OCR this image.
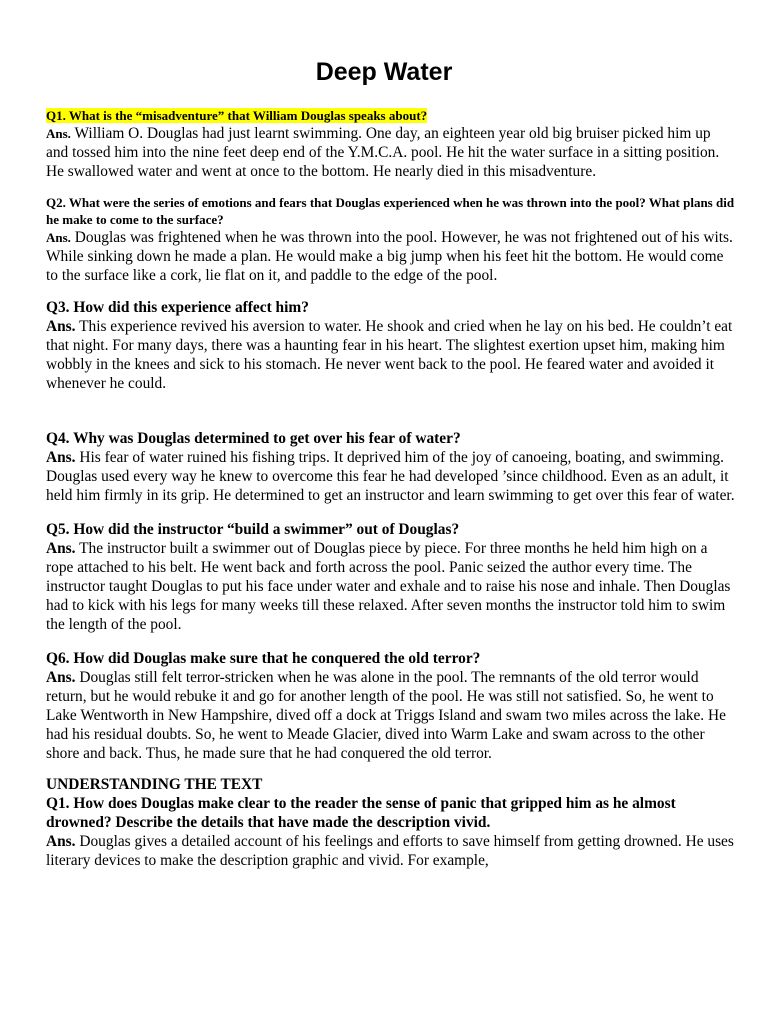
Deep Water

Q1. What is the “misadventure” that William Douglas speaks about?

Ans. William O. Douglas had just learnt swimming. One day, an eighteen year old big bruiser picked him up and tossed him into the nine feet deep end of the Y.M.C.A. pool. He hit the water surface in a sitting position. He swallowed water and went at once to the bottom. He nearly died in this misadventure.

Q2. What were the series of emotions and fears that Douglas experienced when he was thrown into the pool? What plans did he make to come to the surface?

Ans. Douglas was frightened when he was thrown into the pool. However, he was not frightened out of his wits. While sinking down he made a plan. He would make a big jump when his feet hit the bottom. He would come to the surface like a cork, lie flat on it, and paddle to the edge of the pool.

Q3. How did this experience affect him?

Ans. This experience revived his aversion to water. He shook and cried when he lay on his bed. He couldn’t eat that night. For many days, there was a haunting fear in his heart. The slightest exertion upset him, making him wobbly in the knees and sick to his stomach. He never went back to the pool. He feared water and avoided it whenever he could.

Q4. Why was Douglas determined to get over his fear of water?

Ans. His fear of water ruined his fishing trips. It deprived him of the joy of canoeing, boating, and swimming. Douglas used every way he knew to overcome this fear he had developed ’since childhood. Even as an adult, it held him firmly in its grip. He determined to get an instructor and learn swimming to get over this fear of water.

Q5. How did the instructor “build a swimmer” out of Douglas?

Ans. The instructor built a swimmer out of Douglas piece by piece. For three months he held him high on a rope attached to his belt. He went back and forth across the pool. Panic seized the author every time. The instructor taught Douglas to put his face under water and exhale and to raise his nose and inhale. Then Douglas had to kick with his legs for many weeks till these relaxed. After seven months the instructor told him to swim the length of the pool.

Q6. How did Douglas make sure that he conquered the old terror?

Ans. Douglas still felt terror-stricken when he was alone in the pool. The remnants of the old terror would return, but he would rebuke it and go for another length of the pool. He was still not satisfied. So, he went to Lake Wentworth in New Hampshire, dived off a dock at Triggs Island and swam two miles across the lake. He had his residual doubts. So, he went to Meade Glacier, dived into Warm Lake and swam across to the other shore and back. Thus, he made sure that he had conquered the old terror.

UNDERSTANDING THE TEXT

Q1. How does Douglas make clear to the reader the sense of panic that gripped him as he almost drowned? Describe the details that have made the description vivid.

Ans. Douglas gives a detailed account of his feelings and efforts to save himself from getting drowned. He uses literary devices to make the description graphic and vivid. For example,
